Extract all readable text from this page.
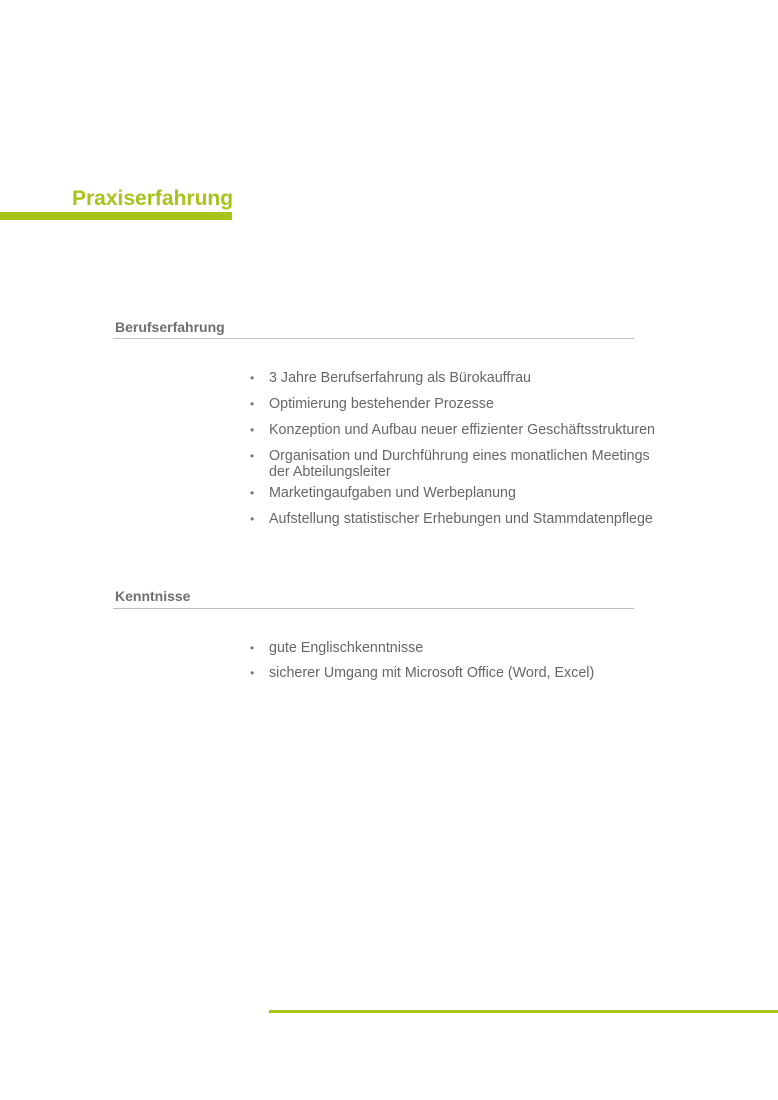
Praxiserfahrung
Berufserfahrung
• 3 Jahre Berufserfahrung als Bürokauffrau
• Optimierung bestehender Prozesse
• Konzeption und Aufbau neuer effizienter Geschäftsstrukturen
• Organisation und Durchführung eines monatlichen Meetings der Abteilungsleiter
• Marketingaufgaben und Werbeplanung
• Aufstellung statistischer Erhebungen und Stammdatenpflege
Kenntnisse
• gute Englischkenntnisse
• sicherer Umgang mit Microsoft Office (Word, Excel)
